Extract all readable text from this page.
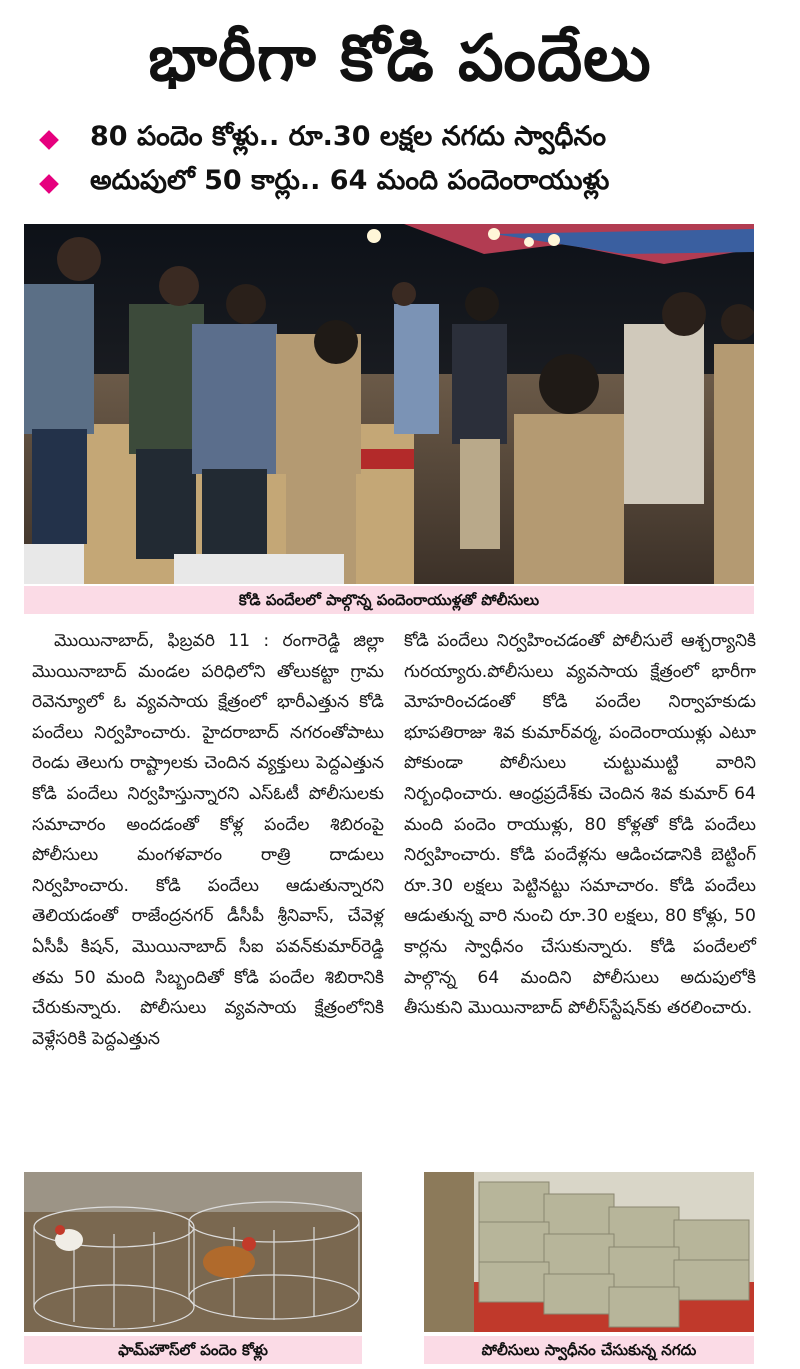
భారీగా కోడి పందేలు
80 పందెం కోళ్లు.. రూ.30 లక్షల నగదు స్వాధీనం
అదుపులో 50 కార్లు.. 64 మంది పందెంరాయుళ్లు
కోడి పందేలలో పాల్గొన్న పందెంరాయుళ్లతో పోలీసులు

మొయినాబాద్, ఫిబ్రవరి 11 : రంగారెడ్డి జిల్లా మొయినాబాద్ మండల పరిధిలోని తోలుకట్టా గ్రామ రెవెన్యూలో ఓ వ్యవసాయ క్షేత్రంలో భారీఎత్తున కోడి పందేలు నిర్వహించారు. హైదరాబాద్ నగరంతోపాటు రెండు తెలుగు రాష్ట్రాలకు చెందిన వ్యక్తులు పెద్దఎత్తున కోడి పందేలు నిర్వహిస్తున్నారని ఎస్ఓటీ పోలీసులకు సమాచారం అందడంతో కోళ్ల పందేల శిబిరంపై పోలీసులు మంగళవారం రాత్రి దాడులు నిర్వహించారు. కోడి పందేలు ఆడుతున్నారని తెలియడంతో రాజేంద్రనగర్ డీసీపీ శ్రీనివాస్, చేవెళ్ల ఏసీపీ కిషన్, మొయినాబాద్ సీఐ పవన్‌కుమార్‌రెడ్డి తమ 50 మంది సిబ్బందితో కోడి పందేల శిబిరానికి చేరుకున్నారు. పోలీసులు వ్యవసాయ క్షేత్రంలోనికి వెళ్లేసరికి పెద్దఎత్తున

కోడి పందేలు నిర్వహించడంతో పోలీసులే ఆశ్చర్యానికి గురయ్యారు.పోలీసులు వ్యవసాయ క్షేత్రంలో భారీగా మోహరించడంతో కోడి పందేల నిర్వాహకుడు భూపతిరాజు శివ కుమార్‌వర్మ, పందెంరాయుళ్లు ఎటూ పోకుండా పోలీసులు చుట్టుముట్టి వారిని నిర్బంధించారు. ఆంధ్రప్రదేశ్‌కు చెందిన శివ కుమార్ 64 మంది పందెం రాయుళ్లు, 80 కోళ్లతో కోడి పందేలు నిర్వహించారు. కోడి పందేళ్లను ఆడించడానికి బెట్టింగ్ రూ.30 లక్షలు పెట్టినట్టు సమాచారం. కోడి పందేలు ఆడుతున్న వారి నుంచి రూ.30 లక్షలు, 80 కోళ్లు, 50 కార్లను స్వాధీనం చేసుకున్నారు. కోడి పందేలలో పాల్గొన్న 64 మందిని పోలీసులు అదుపులోకి తీసుకుని మొయినాబాద్ పోలీస్‌స్టేషన్‌కు తరలించారు.

ఫామ్‌హౌస్‌లో పందెం కోళ్లు	పోలీసులు స్వాధీనం చేసుకున్న నగదు
